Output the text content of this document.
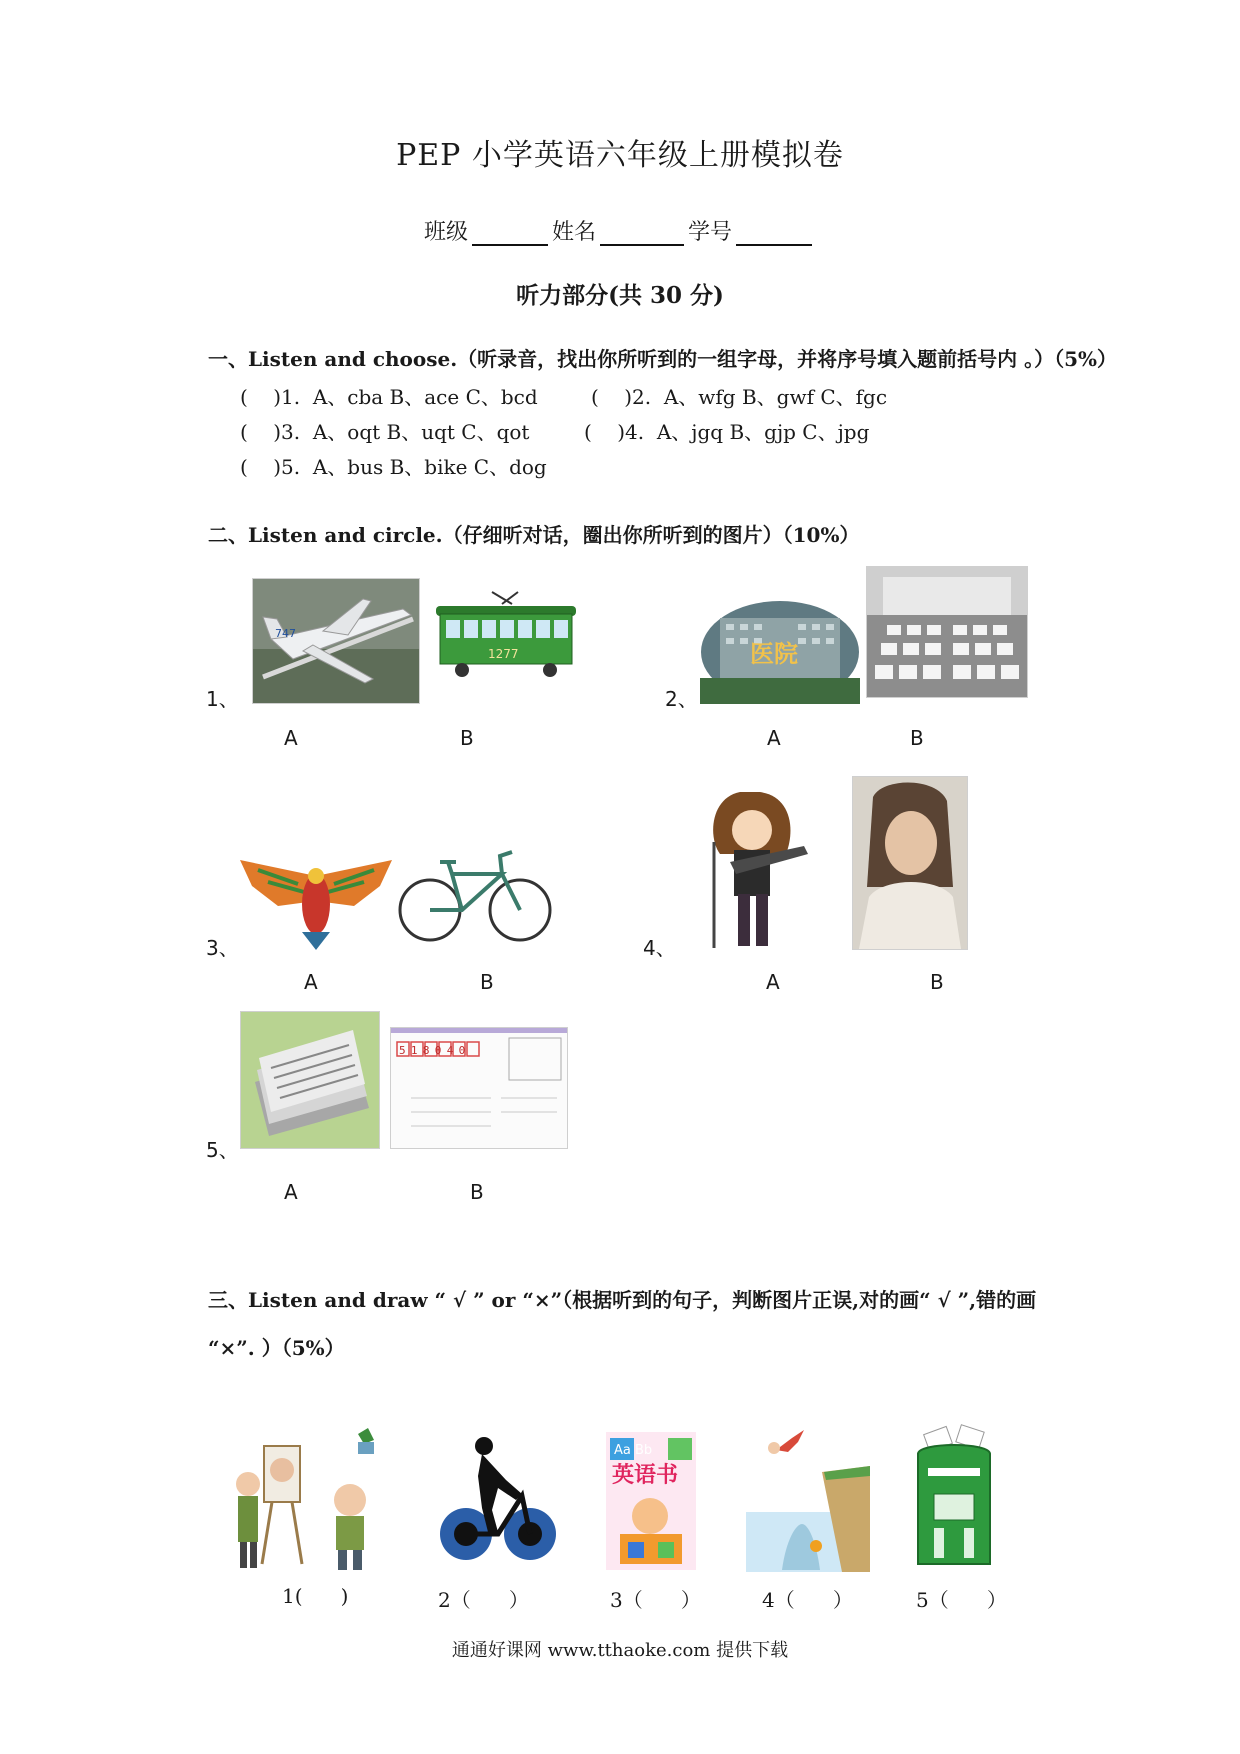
PEP 小学英语六年级上册模拟卷
班级	姓名	学号
听力部分(共 30 分)
一、Listen and choose.（听录音，找出你所听到的一组字母，并将序号填入题前括号内 。）（5%）
(    )1.  A、cba B、ace C、bcd	(    )2.  A、wfg B、gwf C、fgc
(    )3.  A、oqt B、uqt C、qot	(    )4.  A、jgq B、gjp C、jpg
(    )5.  A、bus B、bike C、dog
二、Listen and circle.（仔细听对话，圈出你所听到的图片）（10%）
1、
747
1277
A	B
2、
医院
A	B
3、
A	B
4、
A	B
5、
518040
A	B
三、Listen and draw “ √ ” or “×”（根据听到的句子，判断图片正误,对的画“ √ ”,错的画
“×”. ）（5%）
Aa Bb
英语书
1(      )	2（      ）	3（      ）	4（      ）	5（      ）
通通好课网 www.tthaoke.com 提供下载
